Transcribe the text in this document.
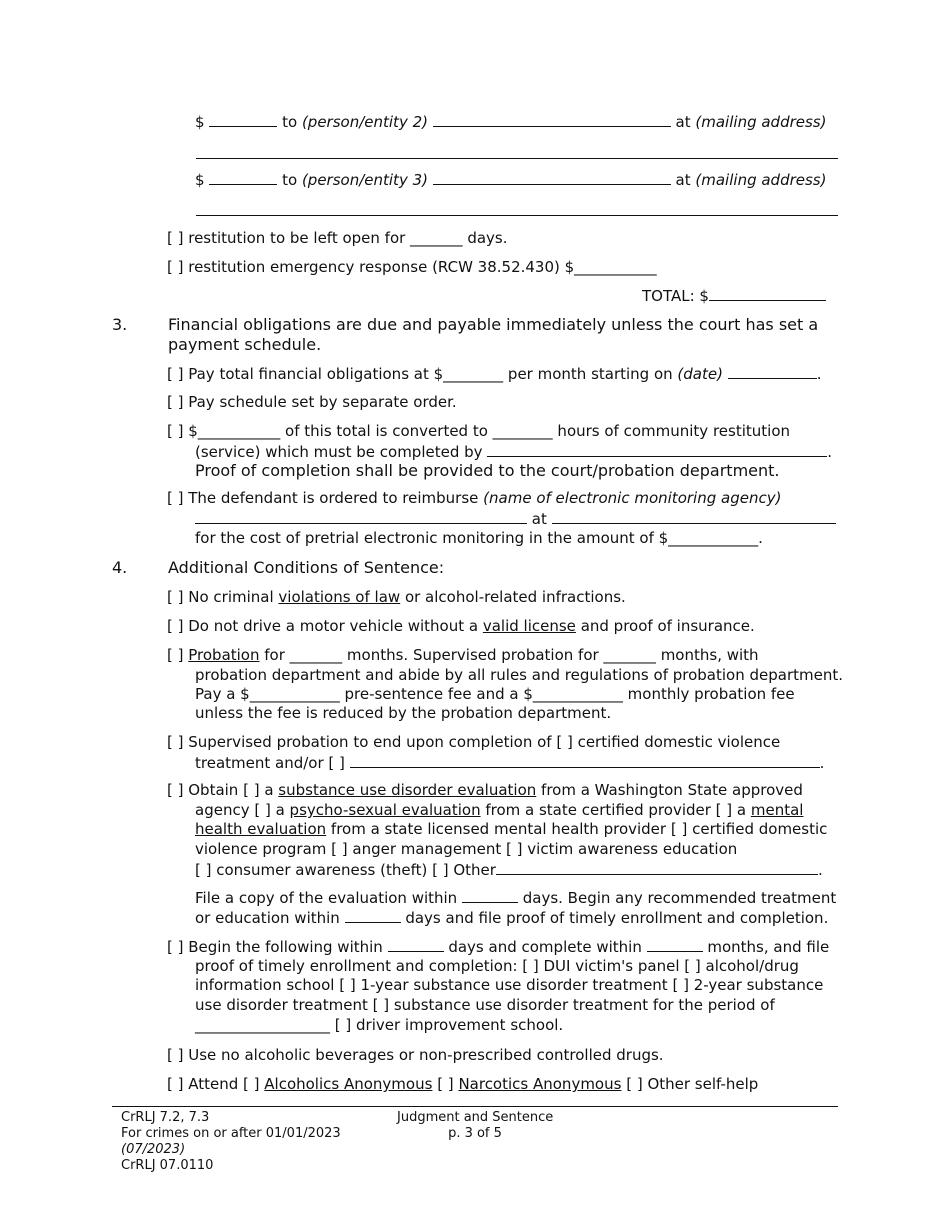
$	to (person/entity 2)	at (mailing address)
$	to (person/entity 3)	at (mailing address)
[ ] restitution to be left open for _______ days.
[ ] restitution emergency response (RCW 38.52.430) $___________
TOTAL: $
3.	Financial obligations are due and payable immediately unless the court has set a
payment schedule.
[ ] Pay total financial obligations at $________ per month starting on (date)	.
[ ] Pay schedule set by separate order.
[ ] $___________ of this total is converted to ________ hours of community restitution
(service) which must be completed by	.
Proof of completion shall be provided to the court/probation department.
[ ] The defendant is ordered to reimburse (name of electronic monitoring agency)
at
for the cost of pretrial electronic monitoring in the amount of $____________.
4.	Additional Conditions of Sentence:
[ ] No criminal violations of law or alcohol-related infractions.
[ ] Do not drive a motor vehicle without a valid license and proof of insurance.
[ ] Probation for _______ months. Supervised probation for _______ months, with
probation department and abide by all rules and regulations of probation department.
Pay a $____________ pre-sentence fee and a $____________ monthly probation fee
unless the fee is reduced by the probation department.
[ ] Supervised probation to end upon completion of [ ] certified domestic violence
treatment and/or [ ]	.
[ ] Obtain [ ] a substance use disorder evaluation from a Washington State approved
agency [ ] a psycho-sexual evaluation from a state certified provider [ ] a mental
health evaluation from a state licensed mental health provider [ ] certified domestic
violence program [ ] anger management [ ] victim awareness education
[ ] consumer awareness (theft) [ ] Other	.
File a copy of the evaluation within	days. Begin any recommended treatment
or education within	days and file proof of timely enrollment and completion.
[ ] Begin the following within	days and complete within	months, and file
proof of timely enrollment and completion: [ ] DUI victim's panel [ ] alcohol/drug
information school [ ] 1-year substance use disorder treatment [ ] 2-year substance
use disorder treatment [ ] substance use disorder treatment for the period of
__________________ [ ] driver improvement school.
[ ] Use no alcoholic beverages or non-prescribed controlled drugs.
[ ] Attend [ ] Alcoholics Anonymous [ ] Narcotics Anonymous [ ] Other self-help
CrRLJ 7.2, 7.3
For crimes on or after 01/01/2023
(07/2023)
CrRLJ 07.0110
Judgment and Sentence
p. 3 of 5
